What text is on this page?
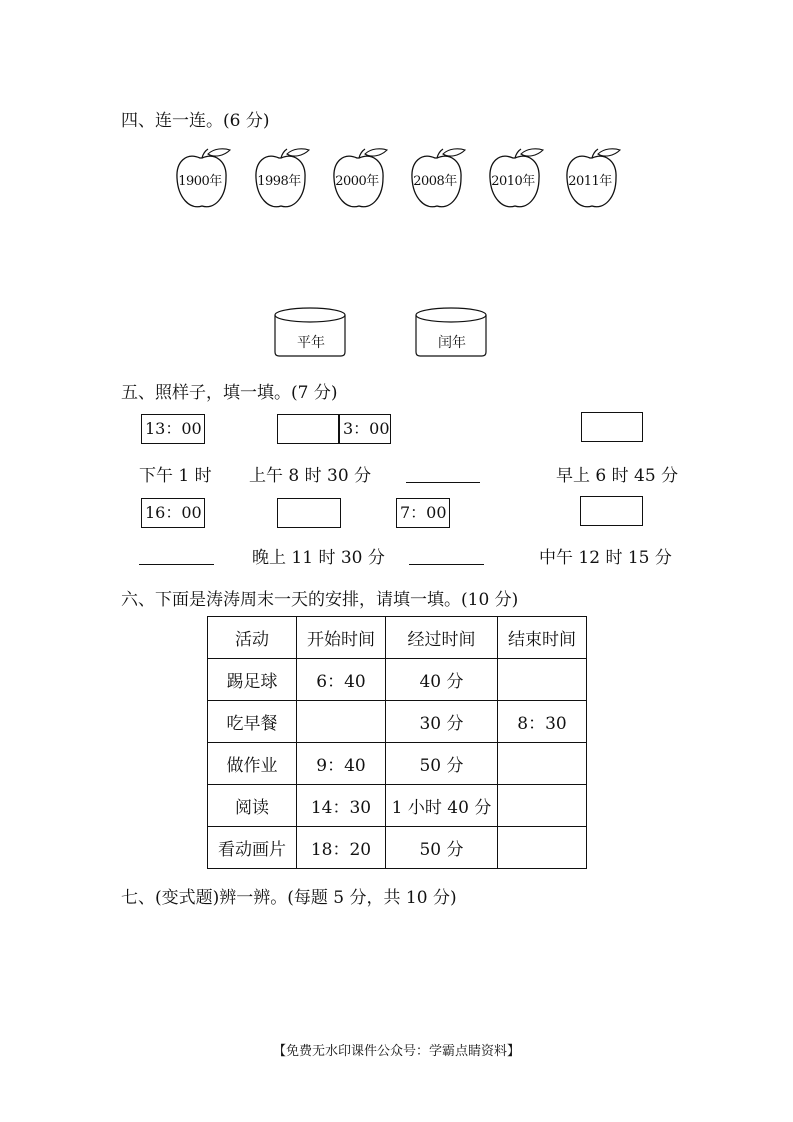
四、连一连。(6 分)
1900年	1998年	2000年	2008年	2010年	2011年
平年	闰年
五、照样子，填一填。(7 分)
13：00	3：00
下午 1 时 上午 8 时 30 分	早上 6 时 45 分
16：00	7：00
晚上 11 时 30 分	中午 12 时 15 分
六、下面是涛涛周末一天的安排，请填一填。(10 分)
活动	开始时间	经过时间	结束时间
踢足球	6：40	40 分	
吃早餐		30 分	8：30
做作业	9：40	50 分	
阅读	14：30	1 小时 40 分	
看动画片	18：20	50 分	
七、(变式题)辨一辨。(每题 5 分，共 10 分)
【免费无水印课件公众号：学霸点睛资料】
